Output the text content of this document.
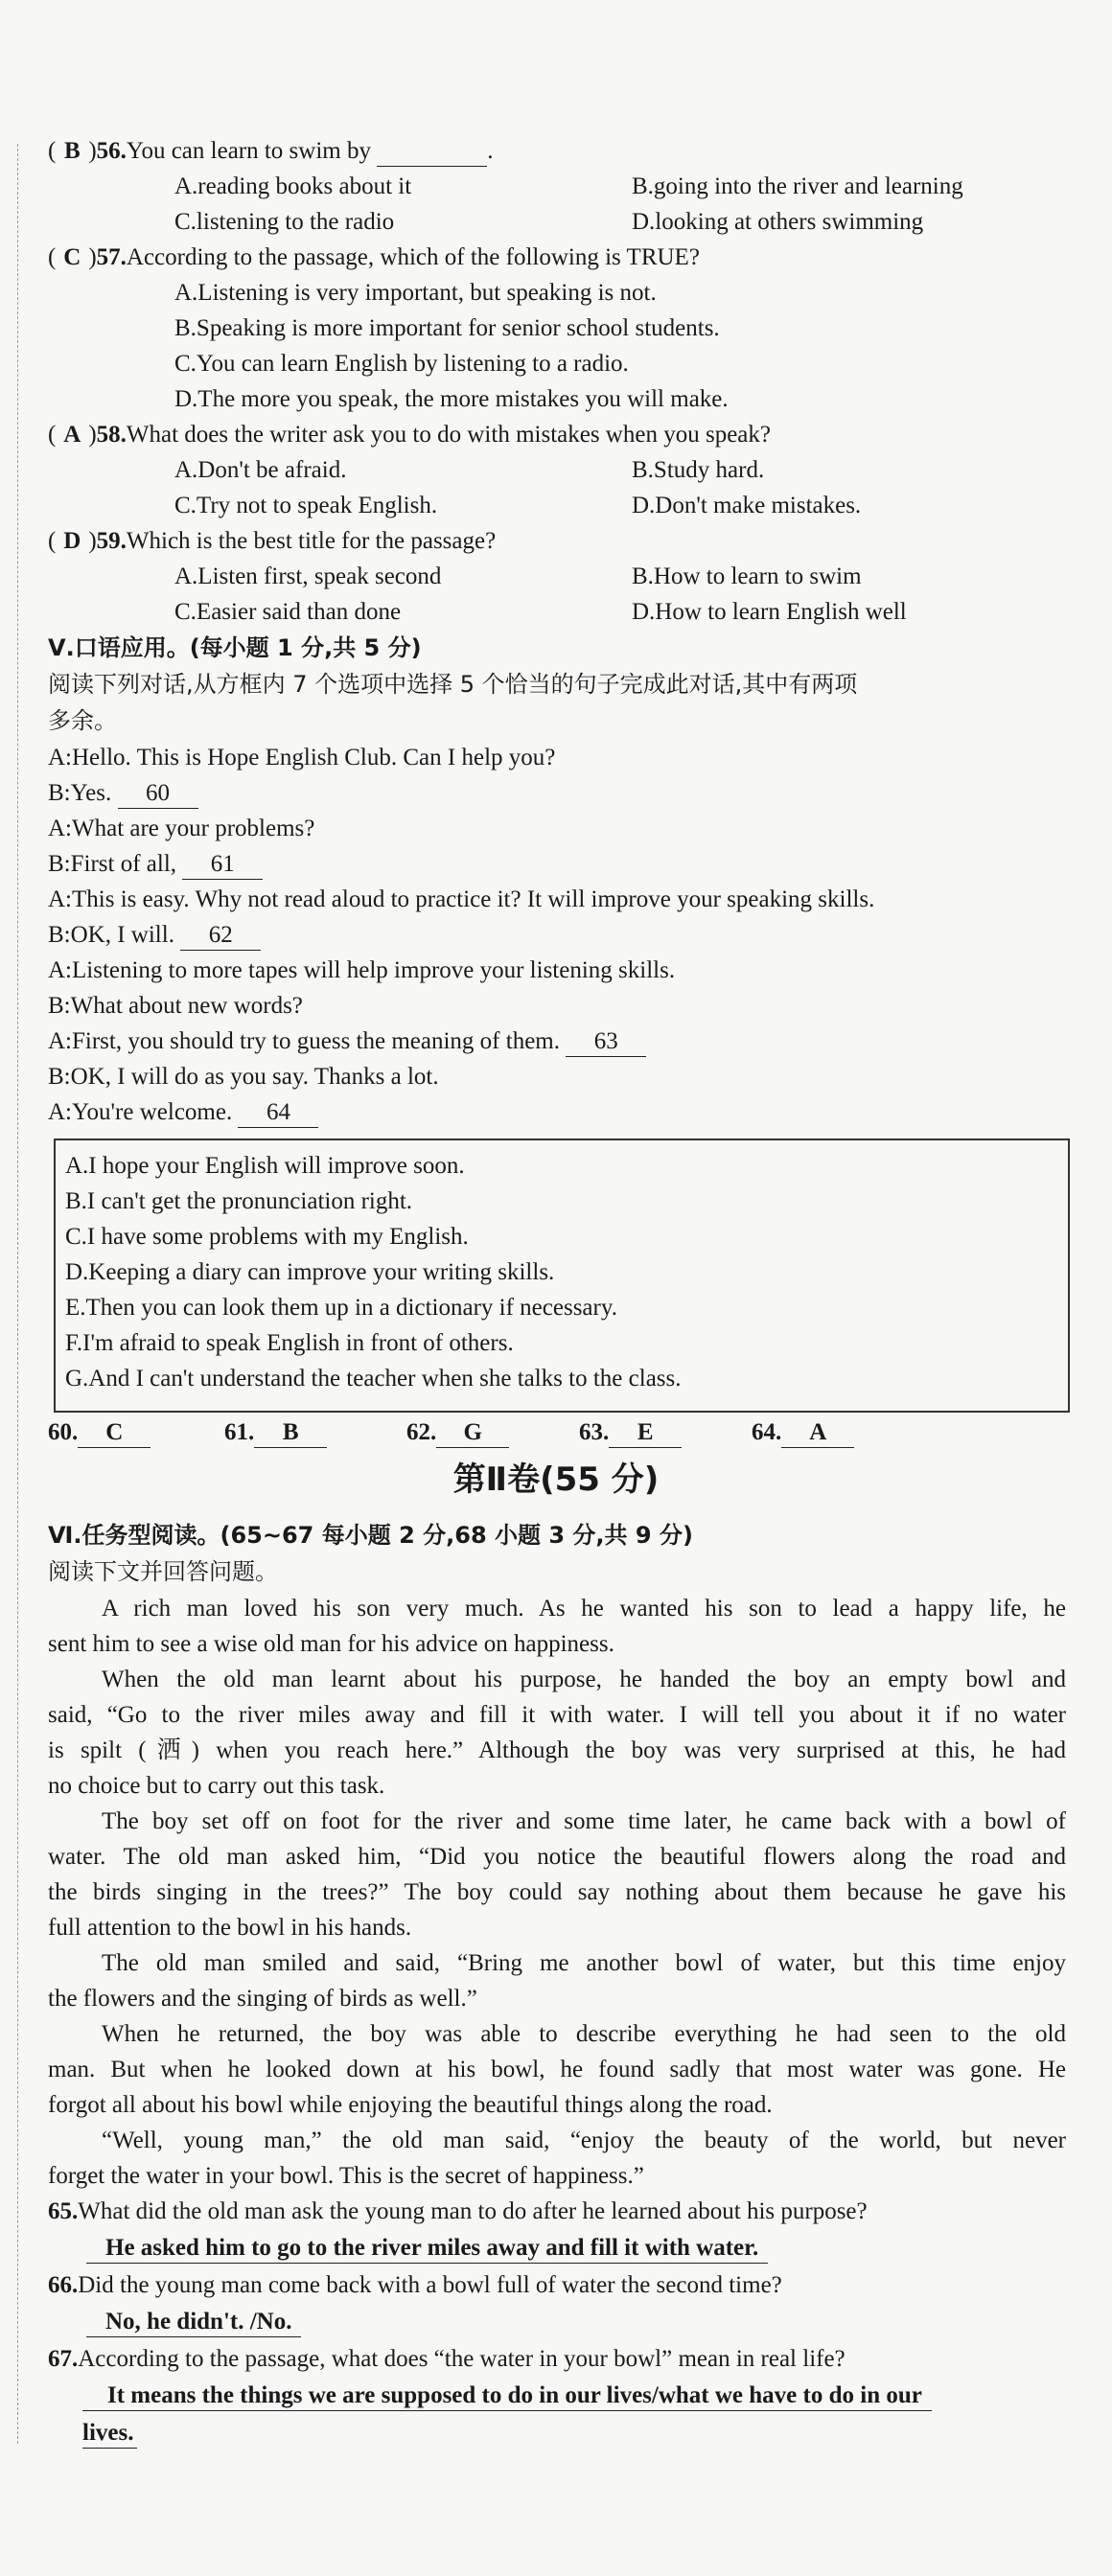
( B )56.You can learn to swim by	.
A.reading books about it	B.going into the river and learning
C.listening to the radio	D.looking at others swimming
( C )57.According to the passage, which of the following is TRUE?
A.Listening is very important, but speaking is not.
B.Speaking is more important for senior school students.
C.You can learn English by listening to a radio.
D.The more you speak, the more mistakes you will make.
( A )58.What does the writer ask you to do with mistakes when you speak?
A.Don't be afraid.	B.Study hard.
C.Try not to speak English.	D.Don't make mistakes.
( D )59.Which is the best title for the passage?
A.Listen first, speak second	B.How to learn to swim
C.Easier said than done	D.How to learn English well
Ⅴ.口语应用。(每小题 1 分,共 5 分)
阅读下列对话,从方框内 7 个选项中选择 5 个恰当的句子完成此对话,其中有两项
多余。
A:Hello. This is Hope English Club. Can I help you?
B:Yes. 60
A:What are your problems?
B:First of all, 61
A:This is easy. Why not read aloud to practice it? It will improve your speaking skills.
B:OK, I will. 62
A:Listening to more tapes will help improve your listening skills.
B:What about new words?
A:First, you should try to guess the meaning of them. 63
B:OK, I will do as you say. Thanks a lot.
A:You're welcome. 64
A.I hope your English will improve soon.
B.I can't get the pronunciation right.
C.I have some problems with my English.
D.Keeping a diary can improve your writing skills.
E.Then you can look them up in a dictionary if necessary.
F.I'm afraid to speak English in front of others.
G.And I can't understand the teacher when she talks to the class.
60. C	61. B	62. G	63. E	64. A
第Ⅱ卷(55 分)
Ⅵ.任务型阅读。(65~67 每小题 2 分,68 小题 3 分,共 9 分)
阅读下文并回答问题。
A rich man loved his son very much. As he wanted his son to lead a happy life, he
sent him to see a wise old man for his advice on happiness.
When the old man learnt about his purpose, he handed the boy an empty bowl and
said, “Go to the river miles away and fill it with water. I will tell you about it if no water
is spilt (洒) when you reach here.” Although the boy was very surprised at this, he had
no choice but to carry out this task.
The boy set off on foot for the river and some time later, he came back with a bowl of
water. The old man asked him, “Did you notice the beautiful flowers along the road and
the birds singing in the trees?” The boy could say nothing about them because he gave his
full attention to the bowl in his hands.
The old man smiled and said, “Bring me another bowl of water, but this time enjoy
the flowers and the singing of birds as well.”
When he returned, the boy was able to describe everything he had seen to the old
man. But when he looked down at his bowl, he found sadly that most water was gone. He
forgot all about his bowl while enjoying the beautiful things along the road.
“Well, young man,” the old man said, “enjoy the beauty of the world, but never
forget the water in your bowl. This is the secret of happiness.”
65.What did the old man ask the young man to do after he learned about his purpose?
He asked him to go to the river miles away and fill it with water.
66.Did the young man come back with a bowl full of water the second time?
No, he didn't. /No.
67.According to the passage, what does “the water in your bowl” mean in real life?
It means the things we are supposed to do in our lives/what we have to do in our
lives.
